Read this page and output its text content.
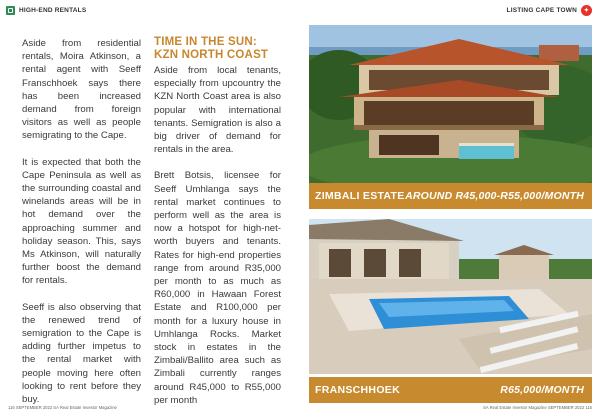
HIGH-END RENTALS	LISTING CAPE TOWN	✦

Aside from residential rentals, Moira Atkinson, a rental agent with Seeff Franschhoek says there has been increased demand from foreign visitors as well as people semigrating to the Cape.

It is expected that both the Cape Peninsula as well as the surrounding coastal and winelands areas will be in hot demand over the approaching summer and holiday season. This, says Ms Atkinson, will naturally further boost the demand for rentals.

Seeff is also observing that the renewed trend of semigration to the Cape is adding further impetus to the rental market with people moving here often looking to rent before they buy.

TIME IN THE SUN:
KZN NORTH COAST

Aside from local tenants, especially from upcountry the KZN North Coast area is also popular with international tenants. Semigration is also a big driver of demand for rentals in the area.

Brett Botsis, licensee for Seeff Umhlanga says the rental market continues to perform well as the area is now a hotspot for high-net-worth buyers and tenants. Rates for high-end properties range from around R35,000 per month to as much as R60,000 in Hawaan Forest Estate and R100,000 per month for a luxury house in Umhlanga Rocks. Market stock in estates in the Zimbali/Ballito area such as Zimbali currently ranges around R45,000 to R55,000 per month

ZIMBALI ESTATE AROUND R45,000-R55,000/MONTH
FRANSCHHOEK	R65,000/MONTH
116 SEPTEMBER 2022 SA Real Estate Investor Magazine	SA Real Estate Investor Magazine SEPTEMBER 2022 115
